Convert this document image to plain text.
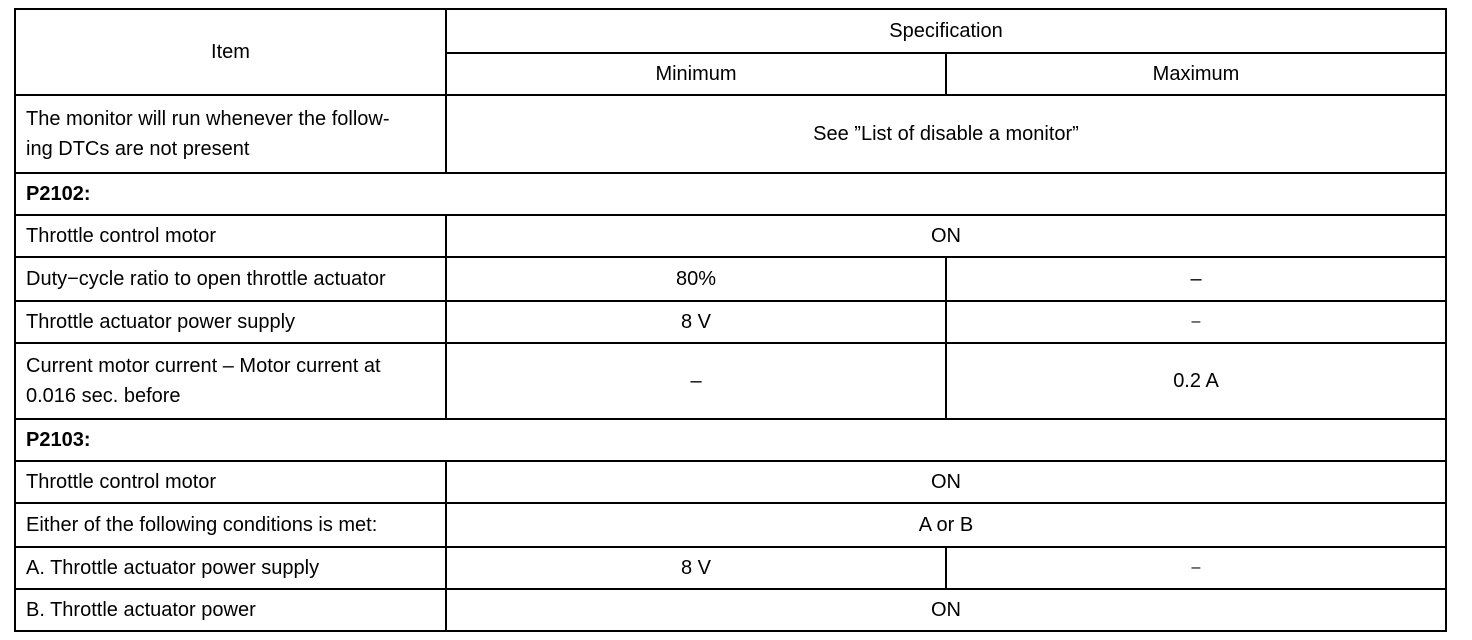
Item	Specification	
	Minimum	Maximum

The monitor will run whenever the follow-
ing DTCs are not present	See ”List of disable a monitor”	
P2102:		
Throttle control motor	ON	
Duty−cycle ratio to open throttle actuator	80%	–
Throttle actuator power supply	8 V	–

Current motor current – Motor current at
0.016 sec. before	–	0.2 A
P2103:		
Throttle control motor	ON	
Either of the following conditions is met:	A or B	
A. Throttle actuator power supply	8 V	–
B. Throttle actuator power	ON	
